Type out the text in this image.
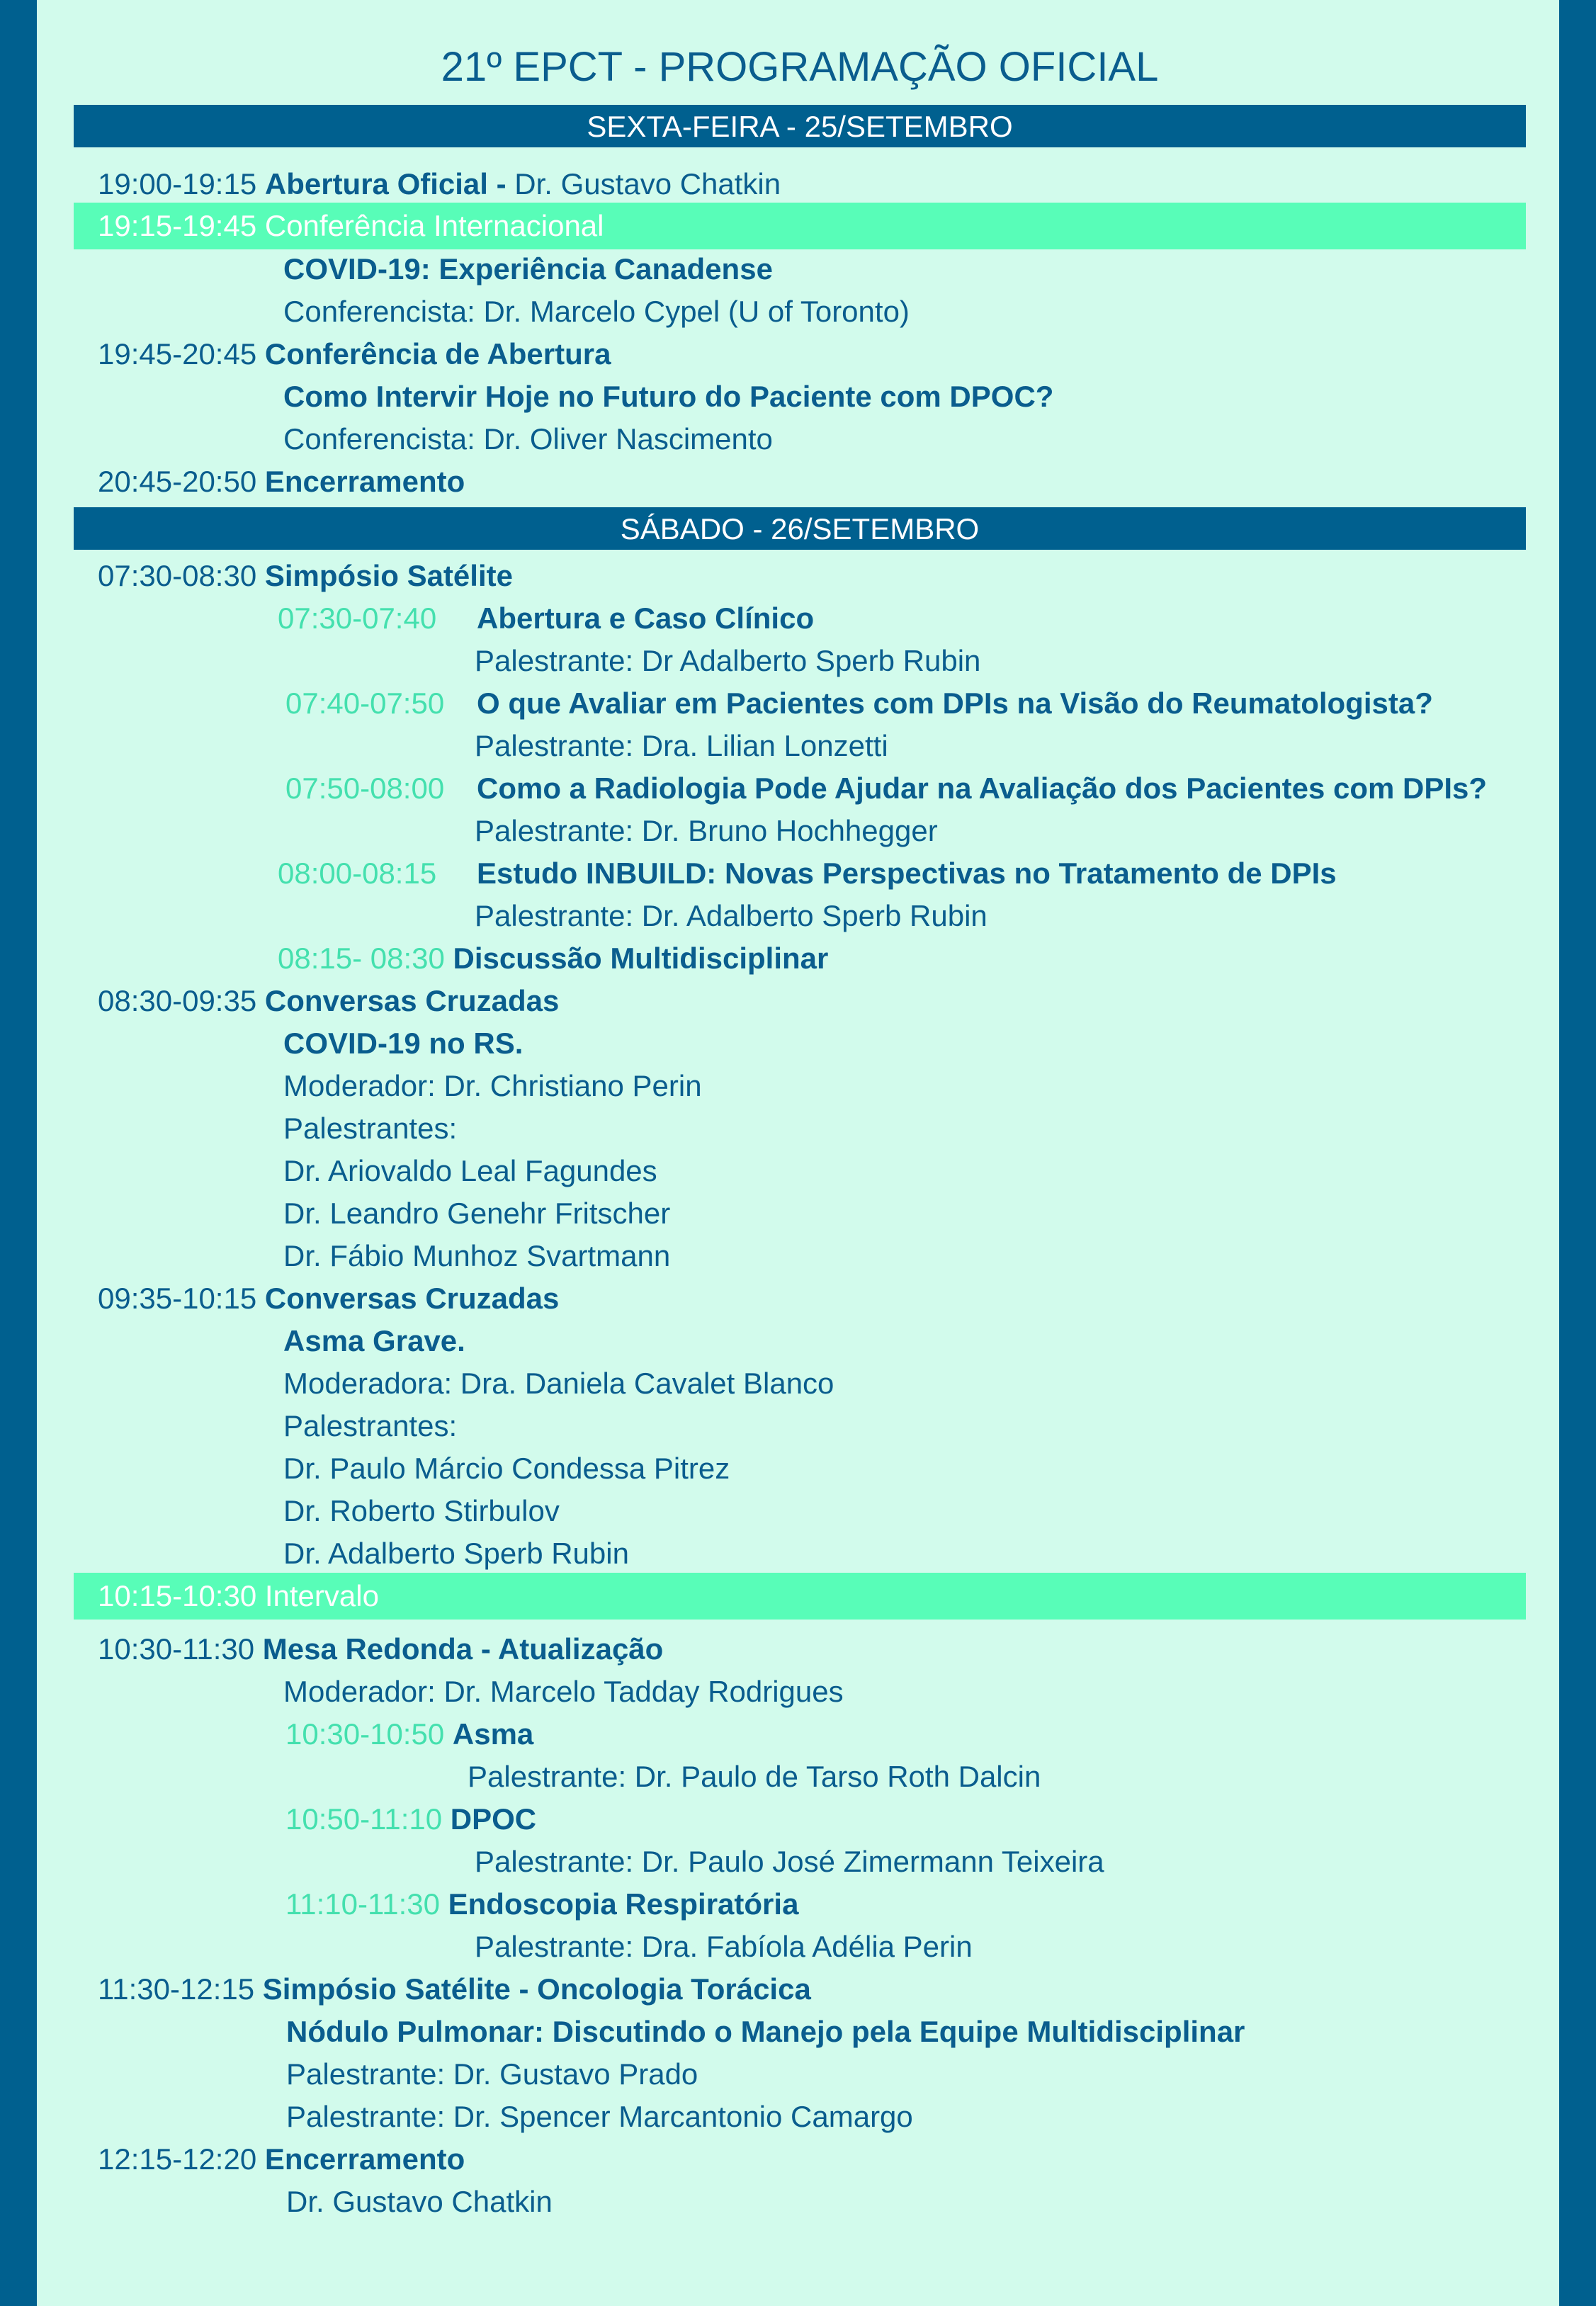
21º EPCT - PROGRAMAÇÃO OFICIAL
SEXTA-FEIRA - 25/SETEMBRO
19:00-19:15 Abertura Oficial - Dr. Gustavo Chatkin
19:15-19:45 Conferência Internacional
COVID-19: Experiência Canadense
Conferencista: Dr. Marcelo Cypel (U of Toronto)
19:45-20:45 Conferência de Abertura
Como Intervir Hoje no Futuro do Paciente com DPOC?
Conferencista: Dr. Oliver Nascimento
20:45-20:50 Encerramento
SÁBADO - 26/SETEMBRO
07:30-08:30 Simpósio Satélite
07:30-07:40 Abertura e Caso Clínico
Palestrante: Dr Adalberto Sperb Rubin
07:40-07:50 O que Avaliar em Pacientes com DPIs na Visão do Reumatologista?
Palestrante: Dra. Lilian Lonzetti
07:50-08:00 Como a Radiologia Pode Ajudar na Avaliação dos Pacientes com DPIs?
Palestrante: Dr. Bruno Hochhegger
08:00-08:15 Estudo INBUILD: Novas Perspectivas no Tratamento de DPIs
Palestrante: Dr. Adalberto Sperb Rubin
08:15- 08:30 Discussão Multidisciplinar
08:30-09:35 Conversas Cruzadas
COVID-19 no RS.
Moderador: Dr. Christiano Perin
Palestrantes:
Dr. Ariovaldo Leal Fagundes
Dr. Leandro Genehr Fritscher
Dr. Fábio Munhoz Svartmann
09:35-10:15 Conversas Cruzadas
Asma Grave.
Moderadora: Dra. Daniela Cavalet Blanco
Palestrantes:
Dr. Paulo Márcio Condessa Pitrez
Dr. Roberto Stirbulov
Dr. Adalberto Sperb Rubin
10:15-10:30 Intervalo
10:30-11:30 Mesa Redonda - Atualização
Moderador: Dr. Marcelo Tadday Rodrigues
10:30-10:50 Asma
Palestrante: Dr. Paulo de Tarso Roth Dalcin
10:50-11:10 DPOC
Palestrante: Dr. Paulo José Zimermann Teixeira
11:10-11:30 Endoscopia Respiratória
Palestrante: Dra. Fabíola Adélia Perin
11:30-12:15 Simpósio Satélite - Oncologia Torácica
Nódulo Pulmonar: Discutindo o Manejo pela Equipe Multidisciplinar
Palestrante: Dr. Gustavo Prado
Palestrante: Dr. Spencer Marcantonio Camargo
12:15-12:20 Encerramento
Dr. Gustavo Chatkin
